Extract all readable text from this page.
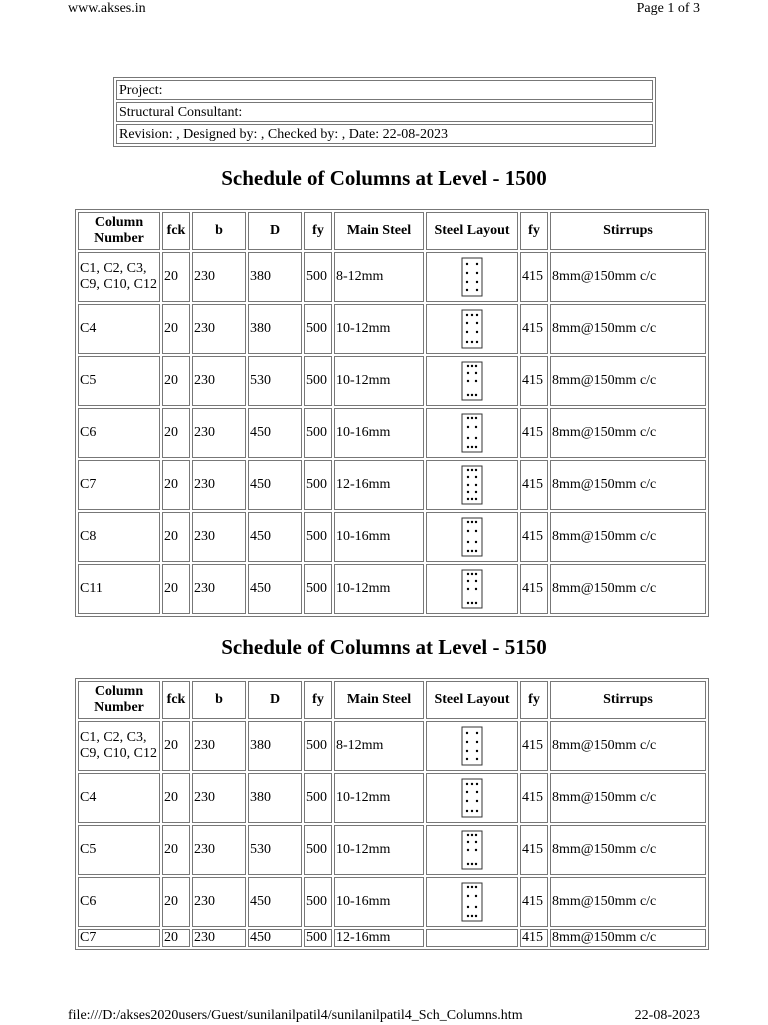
www.akses.in	Page 1 of 3
Project:
Structural Consultant:
Revision: , Designed by: , Checked by: , Date: 22-08-2023
Schedule of Columns at Level - 1500
Column Number	fck	b	D	fy	Main Steel	Steel Layout	fy	Stirrups
C1, C2, C3, C9, C10, C12	20	230	380	500	8-12mm		415	8mm@150mm c/c
C4	20	230	380	500	10-12mm		415	8mm@150mm c/c
C5	20	230	530	500	10-12mm		415	8mm@150mm c/c
C6	20	230	450	500	10-16mm		415	8mm@150mm c/c
C7	20	230	450	500	12-16mm		415	8mm@150mm c/c
C8	20	230	450	500	10-16mm		415	8mm@150mm c/c
C11	20	230	450	500	10-12mm		415	8mm@150mm c/c
Schedule of Columns at Level - 5150
Column Number	fck	b	D	fy	Main Steel	Steel Layout	fy	Stirrups
C1, C2, C3, C9, C10, C12	20	230	380	500	8-12mm		415	8mm@150mm c/c
C4	20	230	380	500	10-12mm		415	8mm@150mm c/c
C5	20	230	530	500	10-12mm		415	8mm@150mm c/c
C6	20	230	450	500	10-16mm		415	8mm@150mm c/c
C7	20	230	450	500	12-16mm		415	8mm@150mm c/c
file:///D:/akses2020users/Guest/sunilanilpatil4/sunilanilpatil4_Sch_Columns.htm	22-08-2023
